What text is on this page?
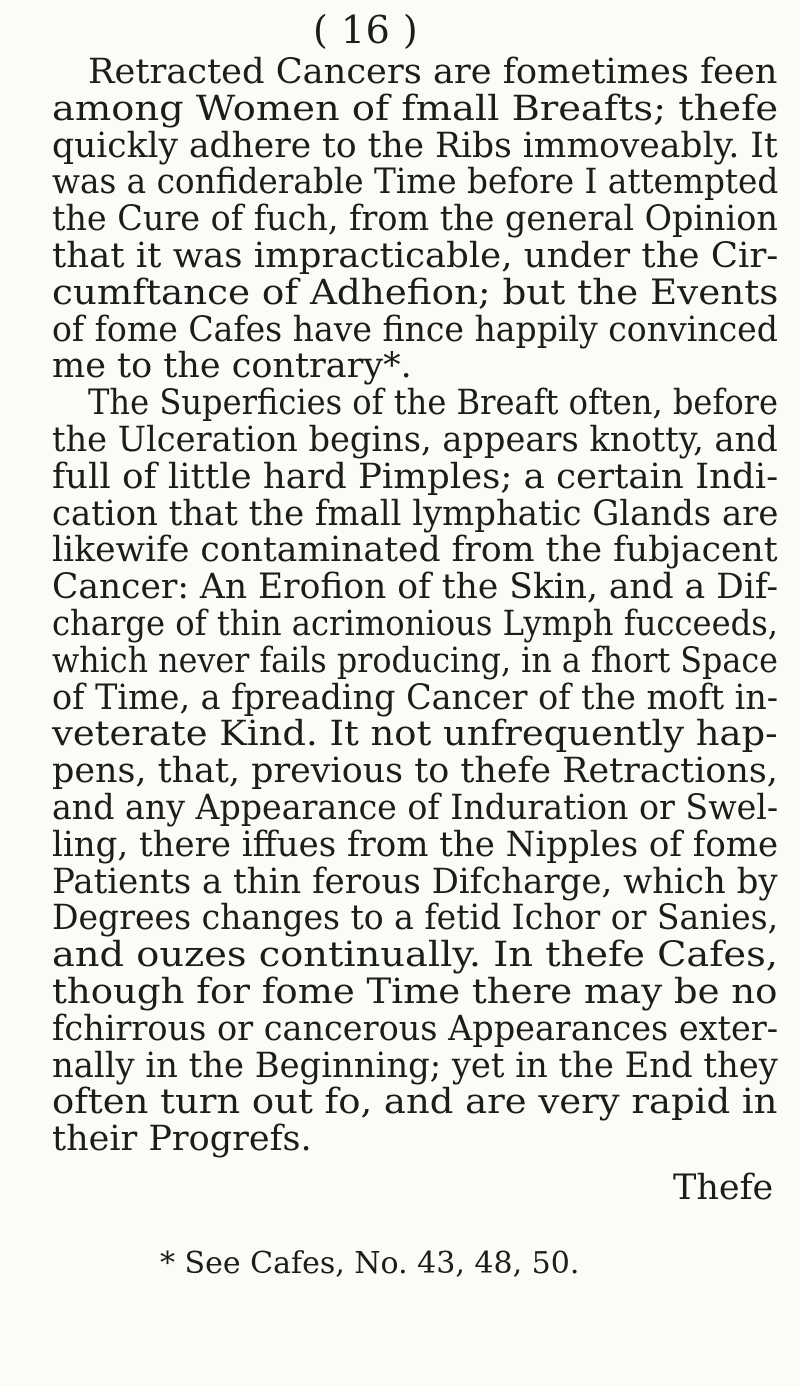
( 16 )
Retracted Cancers are fometimes feen
among Women of fmall Breafts; thefe
quickly adhere to the Ribs immoveably. It
was a confiderable Time before I attempted
the Cure of fuch, from the general Opinion
that it was impracticable, under the Cir-
cumftance of Adhefion; but the Events
of fome Cafes have fince happily convinced
me to the contrary*.
The Superficies of the Breaft often, before
the Ulceration begins, appears knotty, and
full of little hard Pimples; a certain Indi-
cation that the fmall lymphatic Glands are
likewife contaminated from the fubjacent
Cancer: An Erofion of the Skin, and a Dif-
charge of thin acrimonious Lymph fucceeds,
which never fails producing, in a fhort Space
of Time, a fpreading Cancer of the moft in-
veterate Kind. It not unfrequently hap-
pens, that, previous to thefe Retractions,
and any Appearance of Induration or Swel-
ling, there iffues from the Nipples of fome
Patients a thin ferous Difcharge, which by
Degrees changes to a fetid Ichor or Sanies,
and ouzes continually. In thefe Cafes,
though for fome Time there may be no
fchirrous or cancerous Appearances exter-
nally in the Beginning; yet in the End they
often turn out fo, and are very rapid in
their Progrefs.
Thefe
* See Cafes, No. 43, 48, 50.
